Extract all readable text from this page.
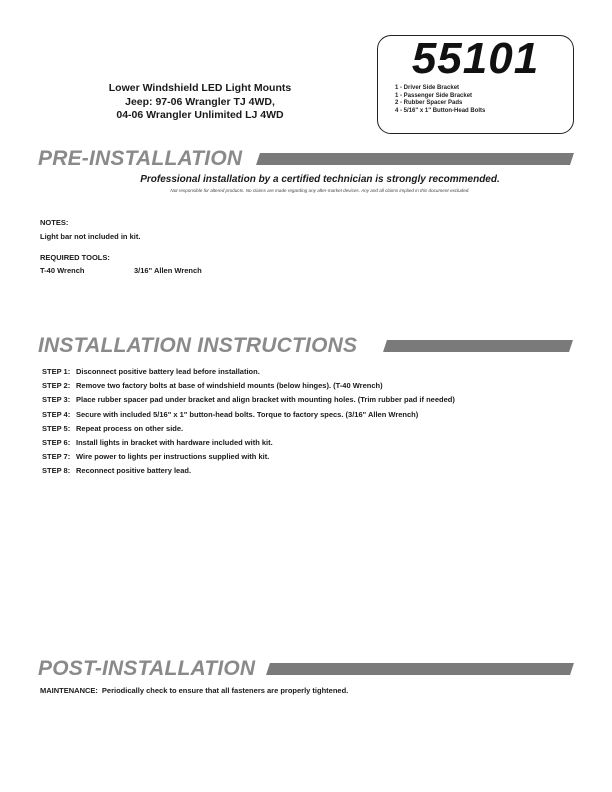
Lower Windshield LED Light Mounts
Jeep: 97-06 Wrangler TJ 4WD,
04-06 Wrangler Unlimited LJ 4WD
55101
1 - Driver Side Bracket
1 - Passenger Side Bracket
2 - Rubber Spacer Pads
4 - 5/16" x 1" Button-Head Bolts
PRE-INSTALLATION
Professional installation by a certified technician is strongly recommended.
Not responsible for altered products. No claims are made regarding any after-market devices. Any and all claims implied in this document excluded.
NOTES:
Light bar not included in kit.
REQUIRED TOOLS:
T-40 Wrench	3/16" Allen Wrench
INSTALLATION INSTRUCTIONS
STEP 1: Disconnect positive battery lead before installation.
STEP 2: Remove two factory bolts at base of windshield mounts (below hinges). (T-40 Wrench)
STEP 3: Place rubber spacer pad under bracket and align bracket with mounting holes. (Trim rubber pad if needed)
STEP 4: Secure with included 5/16" x 1" button-head bolts. Torque to factory specs. (3/16" Allen Wrench)
STEP 5: Repeat process on other side.
STEP 6: Install lights in bracket with hardware included with kit.
STEP 7: Wire power to lights per instructions supplied with kit.
STEP 8: Reconnect positive battery lead.
POST-INSTALLATION
MAINTENANCE: Periodically check to ensure that all fasteners are properly tightened.
